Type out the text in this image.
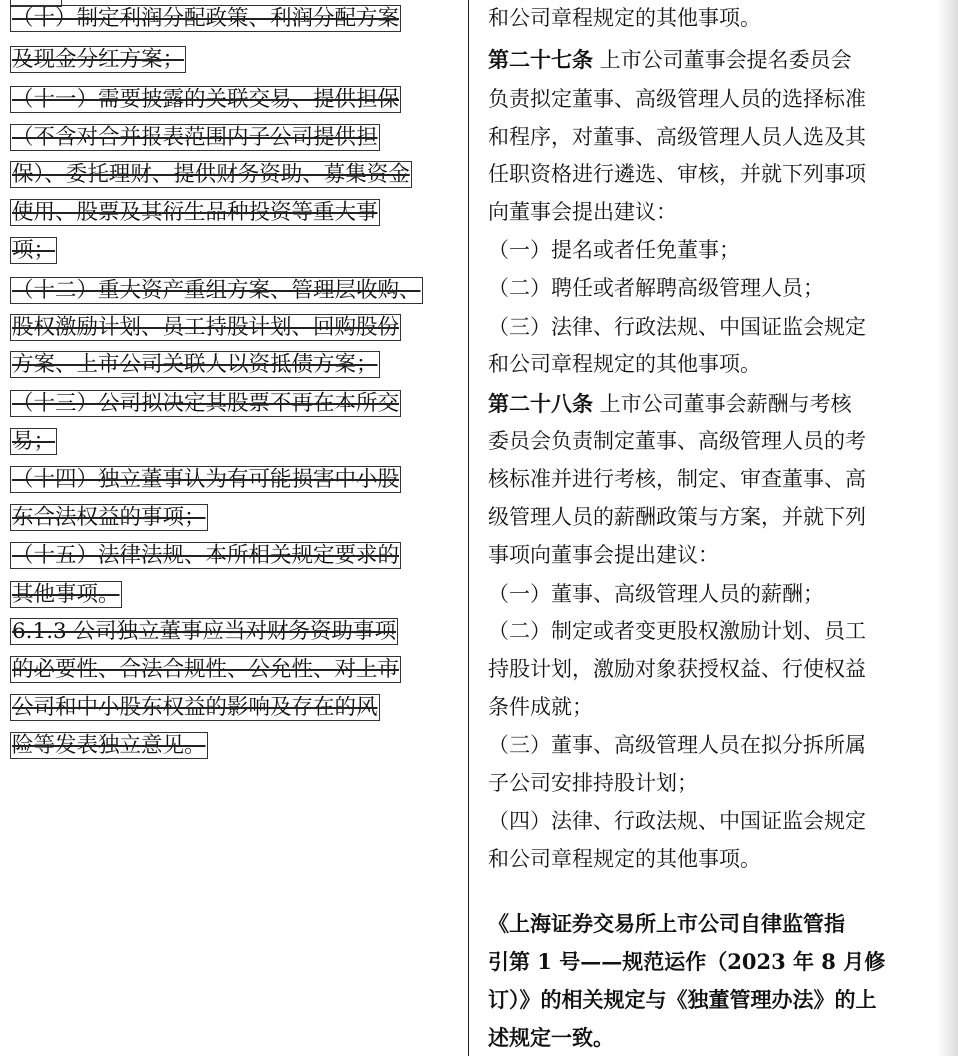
（十）制定利润分配政策、利润分配方案
及现金分红方案；
（十一）需要披露的关联交易、提供担保
（不含对合并报表范围内子公司提供担
保）、委托理财、提供财务资助、募集资金
使用、股票及其衍生品种投资等重大事
项；
（十二）重大资产重组方案、管理层收购、
股权激励计划、员工持股计划、回购股份
方案、上市公司关联人以资抵债方案；
（十三）公司拟决定其股票不再在本所交
易；
（十四）独立董事认为有可能损害中小股
东合法权益的事项；
（十五）法律法规、本所相关规定要求的
其他事项。
6.1.3 公司独立董事应当对财务资助事项
的必要性、合法合规性、公允性、对上市
公司和中小股东权益的影响及存在的风
险等发表独立意见。
和公司章程规定的其他事项。
第二十七条 上市公司董事会提名委员会
负责拟定董事、高级管理人员的选择标准
和程序，对董事、高级管理人员人选及其
任职资格进行遴选、审核，并就下列事项
向董事会提出建议：
（一）提名或者任免董事；
（二）聘任或者解聘高级管理人员；
（三）法律、行政法规、中国证监会规定
和公司章程规定的其他事项。
第二十八条 上市公司董事会薪酬与考核
委员会负责制定董事、高级管理人员的考
核标准并进行考核，制定、审查董事、高
级管理人员的薪酬政策与方案，并就下列
事项向董事会提出建议：
（一）董事、高级管理人员的薪酬；
（二）制定或者变更股权激励计划、员工
持股计划，激励对象获授权益、行使权益
条件成就；
（三）董事、高级管理人员在拟分拆所属
子公司安排持股计划；
（四）法律、行政法规、中国证监会规定
和公司章程规定的其他事项。
《上海证券交易所上市公司自律监管指
引第 1 号——规范运作（2023 年 8 月修
订）》的相关规定与《独董管理办法》的上
述规定一致。
